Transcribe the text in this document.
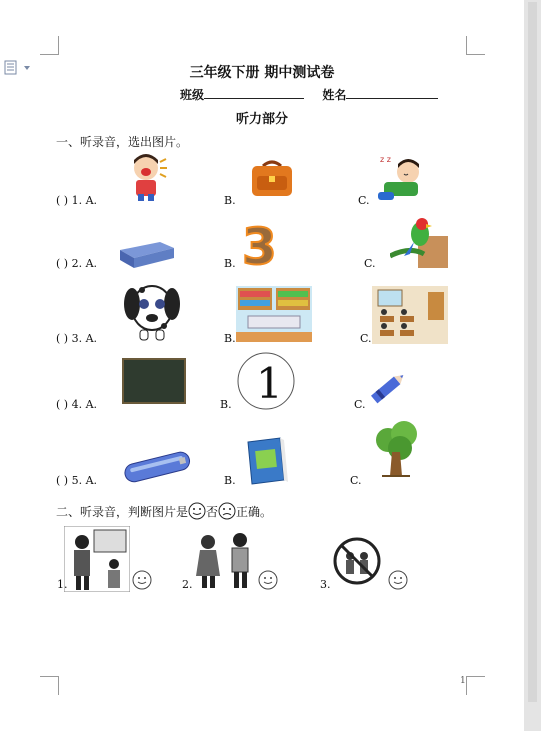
三年级下册 期中测试卷
班级	姓名
听力部分
一、听录音，选出图片。
( ) 1. A.	B.	C.
( ) 2. A.	B.	C.
( ) 3. A.	B.	C.
( ) 4. A.	B.	C.
( ) 5. A.	B.	C.
z z
3
1
二、听录音，判断图片是 否 正确。
1.	2.	3.
1
